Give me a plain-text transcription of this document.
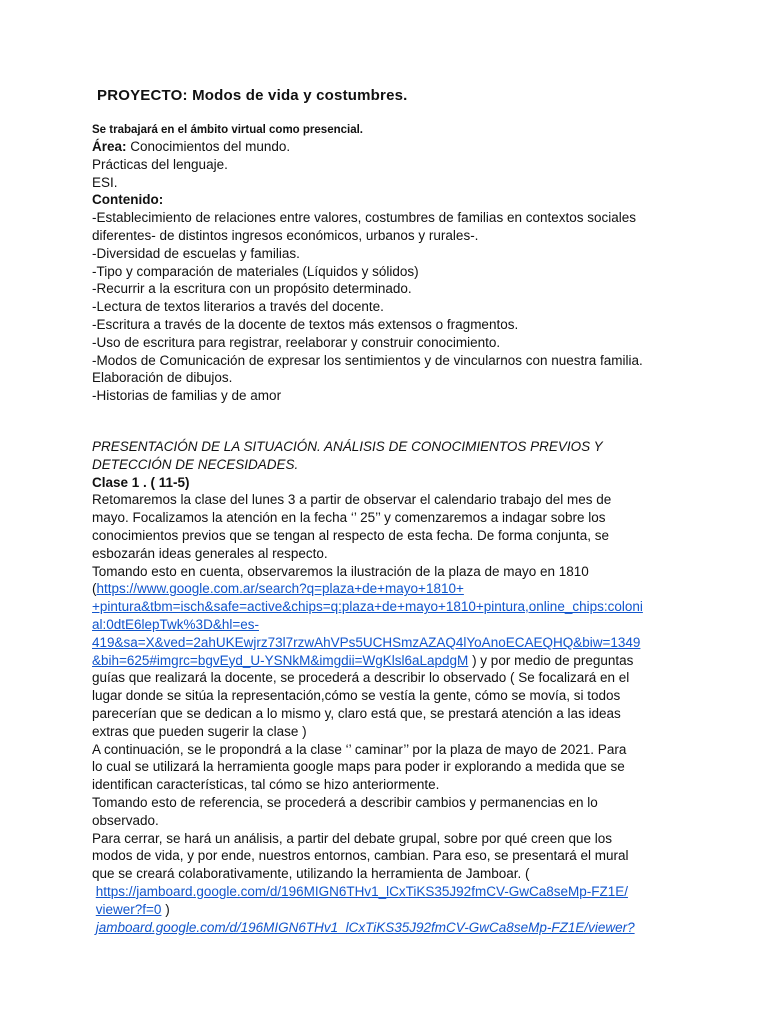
PROYECTO: Modos de vida y costumbres.
Se trabajará en el ámbito virtual como presencial.

Área: Conocimientos del mundo.

Prácticas del lenguaje.

ESI.

Contenido:

-Establecimiento de relaciones entre valores, costumbres de familias en contextos sociales

diferentes- de distintos ingresos económicos, urbanos y rurales-.

-Diversidad de escuelas y familias.

-Tipo y comparación de materiales (Líquidos y sólidos)

-Recurrir a la escritura con un propósito determinado.

-Lectura de textos literarios a través del docente.

-Escritura a través de la docente de textos más extensos o fragmentos.

-Uso de escritura para registrar, reelaborar y construir conocimiento.

-Modos de Comunicación de expresar los sentimientos y de vincularnos con nuestra familia.

Elaboración de dibujos.

-Historias de familias y de amor

PRESENTACIÓN DE LA SITUACIÓN. ANÁLISIS DE CONOCIMIENTOS PREVIOS Y

DETECCIÓN DE NECESIDADES.

Clase 1 . ( 11-5)

Retomaremos la clase del lunes 3 a partir de observar el calendario trabajo del mes de

mayo. Focalizamos la atención en la fecha ‘’ 25’’ y comenzaremos a indagar sobre los

conocimientos previos que se tengan al respecto de esta fecha. De forma conjunta, se

esbozarán ideas generales al respecto.

Tomando esto en cuenta, observaremos la ilustración de la plaza de mayo en 1810

(https://www.google.com.ar/search?q=plaza+de+mayo+1810+

+pintura&tbm=isch&safe=active&chips=q:plaza+de+mayo+1810+pintura,online_chips:coloni

al:0dtE6lepTwk%3D&hl=es-

419&sa=X&ved=2ahUKEwjrz73l7rzwAhVPs5UCHSmzAZAQ4lYoAnoECAEQHQ&biw=1349

&bih=625#imgrc=bgvEyd_U-YSNkM&imgdii=WgKlsl6aLapdgM ) y por medio de preguntas

guías que realizará la docente, se procederá a describir lo observado ( Se focalizará en el

lugar donde se sitúa la representación,cómo se vestía la gente, cómo se movía, si todos

parecerían que se dedican a lo mismo y, claro está que, se prestará atención a las ideas

extras que pueden sugerir la clase )

A continuación, se le propondrá a la clase ‘’ caminar’’ por la plaza de mayo de 2021. Para

lo cual se utilizará la herramienta google maps para poder ir explorando a medida que se

identifican características, tal cómo se hizo anteriormente.

Tomando esto de referencia, se procederá a describir cambios y permanencias en lo

observado.

Para cerrar, se hará un análisis, a partir del debate grupal, sobre por qué creen que los

modos de vida, y por ende, nuestros entornos, cambian. Para eso, se presentará el mural

que se creará colaborativamente, utilizando la herramienta de Jamboar. (

https://jamboard.google.com/d/196MIGN6THv1_lCxTiKS35J92fmCV-GwCa8seMp-FZ1E/

viewer?f=0 )

jamboard.google.com/d/196MIGN6THv1_lCxTiKS35J92fmCV-GwCa8seMp-FZ1E/viewer?
